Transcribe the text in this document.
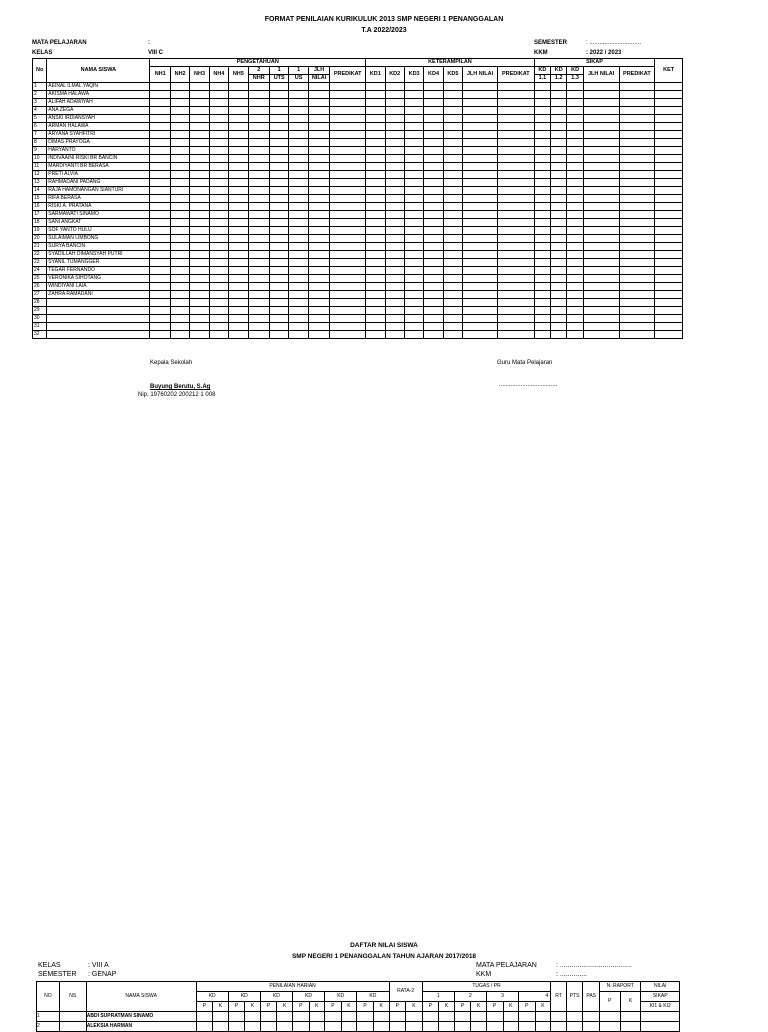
FORMAT PENILAIAN KURIKULUK 2013 SMP NEGERI 1 PENANGGALAN
T.A 2022/2023
MATA PELAJARAN	:
KELAS	VIII C
SEMESTER	: ...............................
KKM	: 2022 / 2023
No	NAMA SISWA	PENGETAHUAN										KETERAMPILAN							SIKAP					KET
		NH1	NH2	NH3	NH4	NH5	2	1	1	JLH	PREDIKAT	KD1	KD2	KD3	KD4	KD5	JLH NILAI	PREDIKAT	KD	KD	KD	JLH NILAI	PREDIKAT	
							NHR	UTS	US	NILAI									1.1	1.2	1.3			
1	AEINAL ILMAL YAQIN																							
2	AKISMA HALAWA																							
3	ALIFAH ADAWIYAH																							
4	ANA ZEGA																							
5	ANSKI IRDIANSYAH																							
6	ARMAN HALAWA																							
7	ARYANA SYAHFITRI																							
8	DIMAS PRAYOGA																							
9	HARYANTO																							
10	INDIVAAINI RISKI BR BANCIN																							
11	MARDIYANTI BR BERASA																							
12	PRETI ALVIA																							
13	RAHMADANI PADANG																							
14	RAJA HAMONANGAN SIANTURI																							
15	RIFA BERASA																							
16	RISKI A. PRATANA																							
17	SARMAWATI SINAMO																							
18	SANI ANGKAT																							
19	SOF YANTO HULU																							
20	SULAIMAN LIMBONG																							
21	SURYA BANCIN																							
22	SYADILLAH DIMANSYAH PUTRI																							
23	SYANIL TUMANGGER																							
24	TEGAR FERNANDO																							
25	VERONIKA SIHOTANG																							
26	WINDIYANI LAIA																							
27	ZAHRA RAMADANI																							
28																								
29																								
30																								
31																								
32																								
Kepala Sekolah	Guru Mata Pelajaran
Buyung Berutu, S.Ag
Nip. 19760202 200212 1 008
...................................
DAFTAR NILAI SISWA
SMP NEGERI 1 PENANGGALAN TAHUN AJARAN 2017/2018
KELAS	: VIII A
SEMESTER : GENAP
MATA PELAJARAN	: .....................................
KKM	: ..............
NO	NS	NAMA SISWA	PENILAIAN HARIAN												RATA-2		TUGAS / PR								RT	PTS	PAS	N. RAPORT		NILAI
			KD		KD		KD		KD		KD		KD				1		2		3		4					P	K	SIKAP
			P	K	P	K	P	K	P	K	P	K	P	K	P	K	P	K	P	K	P	K	P	K						KI1 & KI2
1		ABDI SUPRATMAN SINAMO																												
2		ALEKSIA HARMAN																												
